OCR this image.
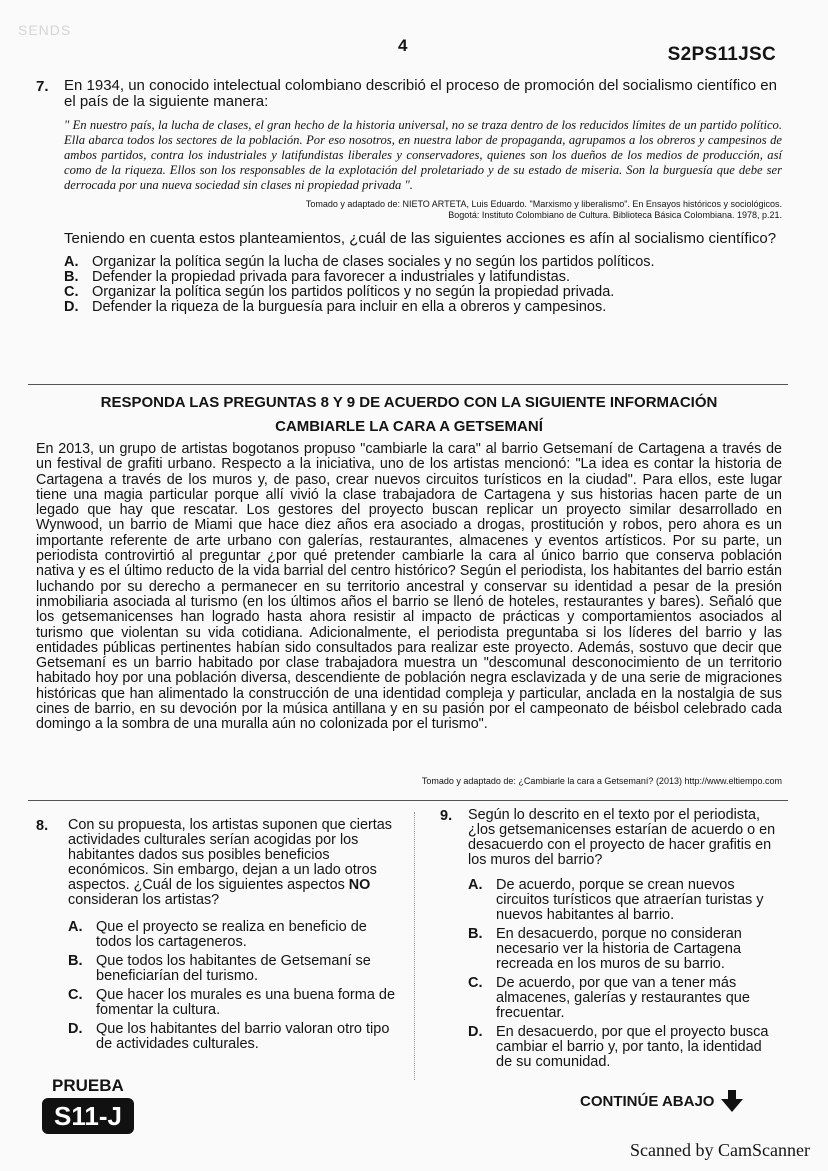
SENDS
4	S2PS11JSC
7. En 1934, un conocido intelectual colombiano describió el proceso de promoción del socialismo científico en el país de la siguiente manera:

" En nuestro país, la lucha de clases, el gran hecho de la historia universal, no se traza dentro de los reducidos límites de un partido político. Ella abarca todos los sectores de la población. Por eso nosotros, en nuestra labor de propaganda, agrupamos a los obreros y campesinos de ambos partidos, contra los industriales y latifundistas liberales y conservadores, quienes son los dueños de los medios de producción, así como de la riqueza. Ellos son los responsables de la explotación del proletariado y de su estado de miseria. Son la burguesía que debe ser derrocada por una nueva sociedad sin clases ni propiedad privada ".

Tomado y adaptado de: NIETO ARTETA, Luis Eduardo. "Marxismo y liberalismo". En Ensayos históricos y sociológicos.
Bogotá: Instituto Colombiano de Cultura. Biblioteca Básica Colombiana. 1978, p.21.

Teniendo en cuenta estos planteamientos, ¿cuál de las siguientes acciones es afín al socialismo científico?

A. Organizar la política según la lucha de clases sociales y no según los partidos políticos.
B. Defender la propiedad privada para favorecer a industriales y latifundistas.
C. Organizar la política según los partidos políticos y no según la propiedad privada.
D. Defender la riqueza de la burguesía para incluir en ella a obreros y campesinos.
RESPONDA LAS PREGUNTAS 8 Y 9 DE ACUERDO CON LA SIGUIENTE INFORMACIÓN
CAMBIARLE LA CARA A GETSEMANÍ

En 2013, un grupo de artistas bogotanos propuso "cambiarle la cara" al barrio Getsemaní de Cartagena a través de un festival de grafiti urbano. Respecto a la iniciativa, uno de los artistas mencionó: "La idea es contar la historia de Cartagena a través de los muros y, de paso, crear nuevos circuitos turísticos en la ciudad". Para ellos, este lugar tiene una magia particular porque allí vivió la clase trabajadora de Cartagena y sus historias hacen parte de un legado que hay que rescatar. Los gestores del proyecto buscan replicar un proyecto similar desarrollado en Wynwood, un barrio de Miami que hace diez años era asociado a drogas, prostitución y robos, pero ahora es un importante referente de arte urbano con galerías, restaurantes, almacenes y eventos artísticos. Por su parte, un periodista controvirtió al preguntar ¿por qué pretender cambiarle la cara al único barrio que conserva población nativa y es el último reducto de la vida barrial del centro histórico? Según el periodista, los habitantes del barrio están luchando por su derecho a permanecer en su territorio ancestral y conservar su identidad a pesar de la presión inmobiliaria asociada al turismo (en los últimos años el barrio se llenó de hoteles, restaurantes y bares). Señaló que los getsemanicenses han logrado hasta ahora resistir al impacto de prácticas y comportamientos asociados al turismo que violentan su vida cotidiana. Adicionalmente, el periodista preguntaba si los líderes del barrio y las entidades públicas pertinentes habían sido consultados para realizar este proyecto. Además, sostuvo que decir que Getsemaní es un barrio habitado por clase trabajadora muestra un "descomunal desconocimiento de un territorio habitado hoy por una población diversa, descendiente de población negra esclavizada y de una serie de migraciones históricas que han alimentado la construcción de una identidad compleja y particular, anclada en la nostalgia de sus cines de barrio, en su devoción por la música antillana y en su pasión por el campeonato de béisbol celebrado cada domingo a la sombra de una muralla aún no colonizada por el turismo".

Tomado y adaptado de: ¿Cambiarle la cara a Getsemaní? (2013) http://www.eltiempo.com
8. Con su propuesta, los artistas suponen que ciertas actividades culturales serían acogidas por los habitantes dados sus posibles beneficios económicos. Sin embargo, dejan a un lado otros aspectos. ¿Cuál de los siguientes aspectos NO consideran los artistas?

A. Que el proyecto se realiza en beneficio de todos los cartageneros.
B. Que todos los habitantes de Getsemaní se beneficiarían del turismo.
C. Que hacer los murales es una buena forma de fomentar la cultura.
D. Que los habitantes del barrio valoran otro tipo de actividades culturales.
9. Según lo descrito en el texto por el periodista, ¿los getsemanicenses estarían de acuerdo o en desacuerdo con el proyecto de hacer grafitis en los muros del barrio?

A. De acuerdo, porque se crean nuevos circuitos turísticos que atraerían turistas y nuevos habitantes al barrio.
B. En desacuerdo, porque no consideran necesario ver la historia de Cartagena recreada en los muros de su barrio.
C. De acuerdo, por que van a tener más almacenes, galerías y restaurantes que frecuentar.
D. En desacuerdo, por que el proyecto busca cambiar el barrio y, por tanto, la identidad de su comunidad.
PRUEBA
S11-J	CONTINÚE ABAJO
Scanned by CamScanner
